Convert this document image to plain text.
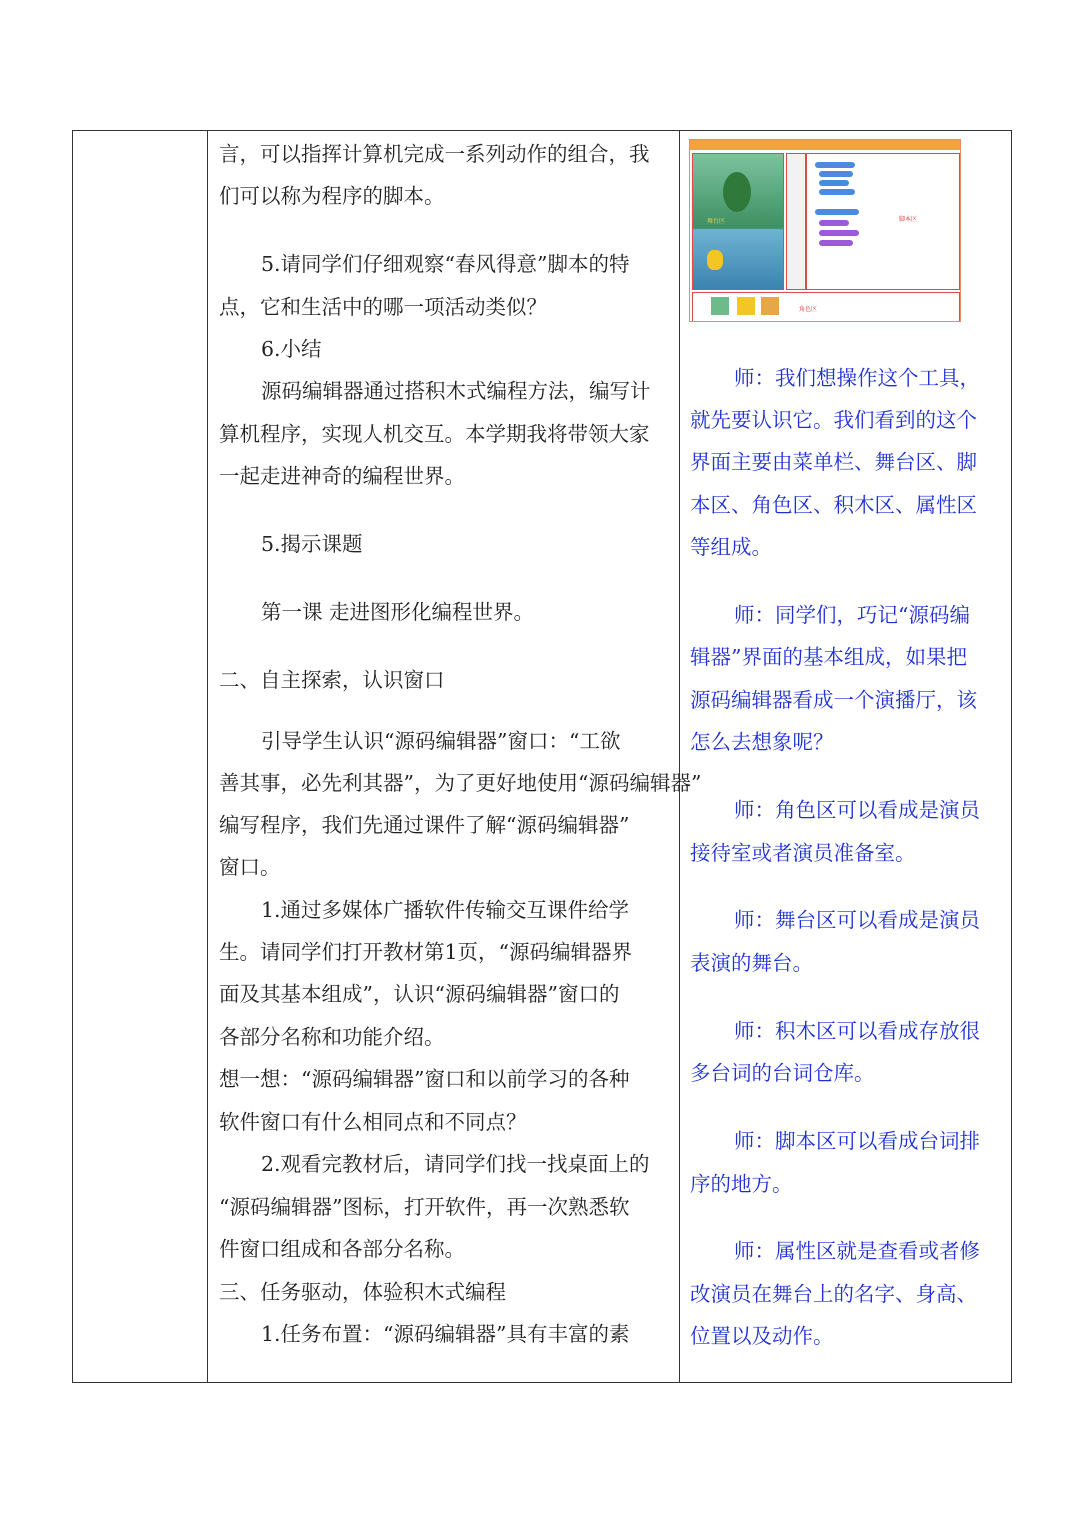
言，可以指挥计算机完成一系列动作的组合，我
们可以称为程序的脚本。
5.请同学们仔细观察“春风得意”脚本的特
点，它和生活中的哪一项活动类似？
6.小结
源码编辑器通过搭积木式编程方法，编写计
算机程序，实现人机交互。本学期我将带领大家
一起走进神奇的编程世界。
5.揭示课题
第一课 走进图形化编程世界。
二、自主探索，认识窗口
引导学生认识“源码编辑器”窗口：“工欲
善其事，必先利其器”，为了更好地使用“源码编辑器”
编写程序，我们先通过课件了解“源码编辑器”
窗口。
1.通过多媒体广播软件传输交互课件给学
生。请同学们打开教材第1页，“源码编辑器界
面及其基本组成”，认识“源码编辑器”窗口的
各部分名称和功能介绍。
想一想：“源码编辑器”窗口和以前学习的各种
软件窗口有什么相同点和不同点？
2.观看完教材后，请同学们找一找桌面上的
“源码编辑器”图标，打开软件，再一次熟悉软
件窗口组成和各部分名称。
三、任务驱动，体验积木式编程
1.任务布置：“源码编辑器”具有丰富的素
舞台区	脚本区
角色区
师：我们想操作这个工具，
就先要认识它。我们看到的这个
界面主要由菜单栏、舞台区、脚
本区、角色区、积木区、属性区
等组成。
师：同学们，巧记“源码编
辑器”界面的基本组成，如果把
源码编辑器看成一个演播厅，该
怎么去想象呢？
师：角色区可以看成是演员
接待室或者演员准备室。
师：舞台区可以看成是演员
表演的舞台。
师：积木区可以看成存放很
多台词的台词仓库。
师：脚本区可以看成台词排
序的地方。
师：属性区就是查看或者修
改演员在舞台上的名字、身高、
位置以及动作。
